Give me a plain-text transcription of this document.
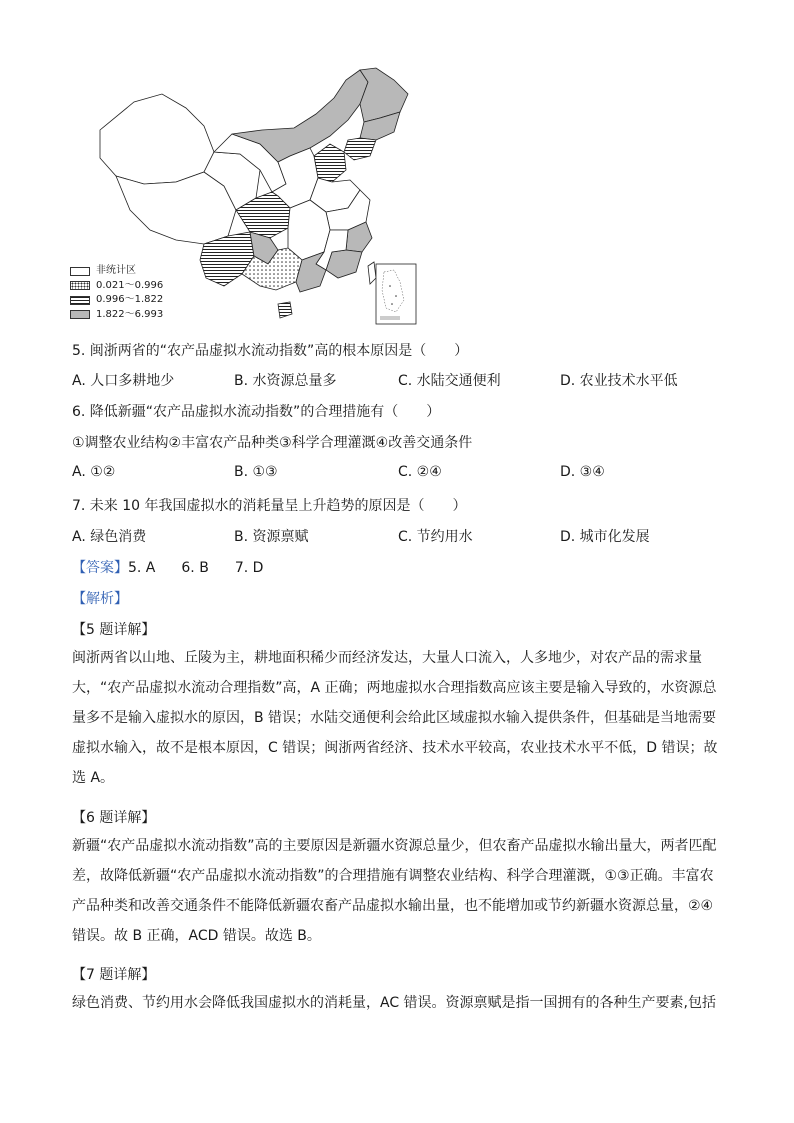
非统计区
0.021～0.996
0.996～1.822
1.822～6.993
5. 闽浙两省的“农产品虚拟水流动指数”高的根本原因是（　　）
A. 人口多耕地少	B. 水资源总量多	C. 水陆交通便利	D. 农业技术水平低
6. 降低新疆“农产品虚拟水流动指数”的合理措施有（　　）
①调整农业结构②丰富农产品种类③科学合理灌溉④改善交通条件
A. ①②	B. ①③	C. ②④	D. ③④
7. 未来 10 年我国虚拟水的消耗量呈上升趋势的原因是（　　）
A. 绿色消费	B. 资源禀赋	C. 节约用水	D. 城市化发展
【答案】5. A 6. B 7. D
【解析】
【5 题详解】
闽浙两省以山地、丘陵为主，耕地面积稀少而经济发达，大量人口流入，人多地少，对农产品的需求量
大，“农产品虚拟水流动合理指数”高，A 正确；两地虚拟水合理指数高应该主要是输入导致的，水资源总
量多不是输入虚拟水的原因，B 错误；水陆交通便利会给此区域虚拟水输入提供条件，但基础是当地需要
虚拟水输入，故不是根本原因，C 错误；闽浙两省经济、技术水平较高，农业技术水平不低，D 错误；故
选 A。
【6 题详解】
新疆“农产品虚拟水流动指数”高的主要原因是新疆水资源总量少，但农畜产品虚拟水输出量大，两者匹配
差，故降低新疆“农产品虚拟水流动指数”的合理措施有调整农业结构、科学合理灌溉，①③正确。丰富农
产品种类和改善交通条件不能降低新疆农畜产品虚拟水输出量，也不能增加或节约新疆水资源总量，②④
错误。故 B 正确，ACD 错误。故选 B。
【7 题详解】
绿色消费、节约用水会降低我国虚拟水的消耗量，AC 错误。资源禀赋是指一国拥有的各种生产要素,包括
